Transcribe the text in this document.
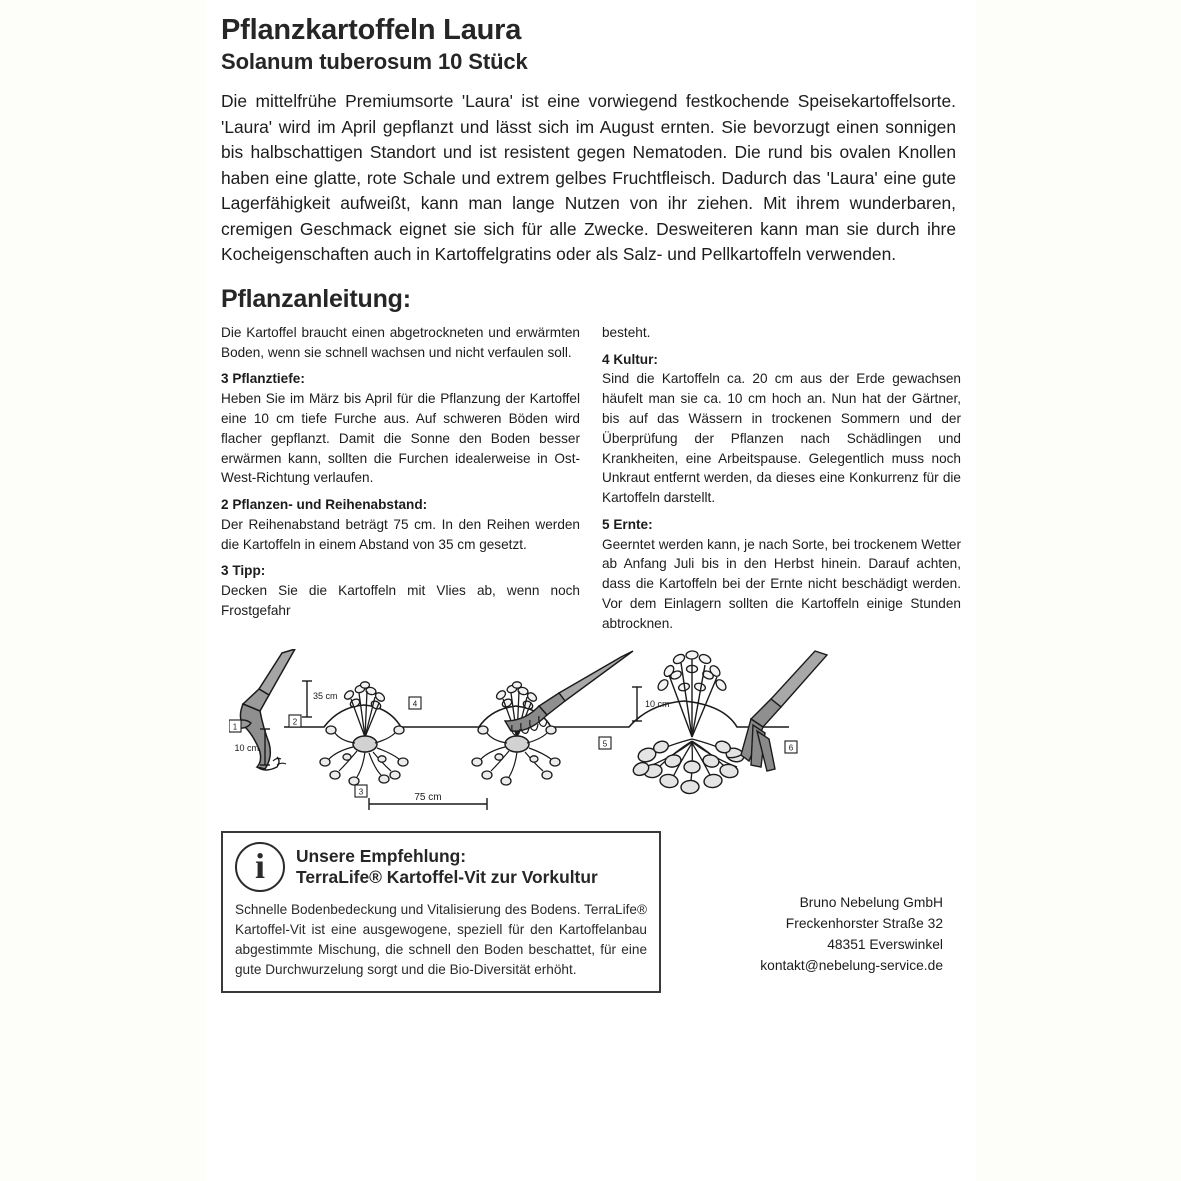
Pflanzkartoffeln Laura
Solanum tuberosum 10 Stück
Die mittelfrühe Premiumsorte 'Laura' ist eine vorwiegend festkochende Speisekartoffelsorte. 'Laura' wird im April gepflanzt und lässt sich im August ernten. Sie bevorzugt einen sonnigen bis halbschattigen Standort und ist resistent gegen Nematoden. Die rund bis ovalen Knollen haben eine glatte, rote Schale und extrem gelbes Fruchtfleisch. Dadurch das 'Laura' eine gute Lagerfähigkeit aufweißt, kann man lange Nutzen von ihr ziehen. Mit ihrem wunderbaren, cremigen Geschmack eignet sie sich für alle Zwecke. Desweiteren kann man sie durch ihre Kocheigenschaften auch in Kartoffelgratins oder als Salz- und Pellkartoffeln verwenden.
Pflanzanleitung:

Die Kartoffel braucht einen abgetrockneten und erwärmten Boden, wenn sie schnell wachsen und nicht verfaulen soll.

3 Pflanztiefe:

Heben Sie im März bis April für die Pflanzung der Kartoffel eine 10 cm tiefe Furche aus. Auf schweren Böden wird flacher gepflanzt. Damit die Sonne den Boden besser erwärmen kann, sollten die Furchen idealerweise in Ost-West-Richtung verlaufen.

2 Pflanzen- und Reihenabstand:

Der Reihenabstand beträgt 75 cm. In den Reihen werden die Kartoffeln in einem Abstand von 35 cm gesetzt.

3 Tipp:

Decken Sie die Kartoffeln mit Vlies ab, wenn noch Frostgefahr

besteht.

4 Kultur:

Sind die Kartoffeln ca. 20 cm aus der Erde gewachsen häufelt man sie ca. 10 cm hoch an. Nun hat der Gärtner, bis auf das Wässern in trockenen Sommern und der Überprüfung der Pflanzen nach Schädlingen und Krankheiten, eine Arbeitspause. Gelegentlich muss noch Unkraut entfernt werden, da dieses eine Konkurrenz für die Kartoffeln darstellt.

5 Ernte:

Geerntet werden kann, je nach Sorte, bei trockenem Wetter ab Anfang Juli bis in den Herbst hinein. Darauf achten, dass die Kartoffeln bei der Ernte nicht beschädigt werden. Vor dem Einlagern sollten die Kartoffeln einige Stunden abtrocknen.

10 cm
35 cm
1
2
3
4
75 cm
5
10 cm
6
i	Unsere Empfehlung:
TerraLife® Kartoffel-Vit zur Vorkultur
Schnelle Bodenbedeckung und Vitalisierung des Bodens. TerraLife® Kartoffel-Vit ist eine ausgewogene, speziell für den Kartoffelanbau abgestimmte Mischung, die schnell den Boden beschattet, für eine gute Durchwurzelung sorgt und die Bio-Diversität erhöht.
Bruno Nebelung GmbH
Freckenhorster Straße 32
48351 Everswinkel
kontakt@nebelung-service.de
